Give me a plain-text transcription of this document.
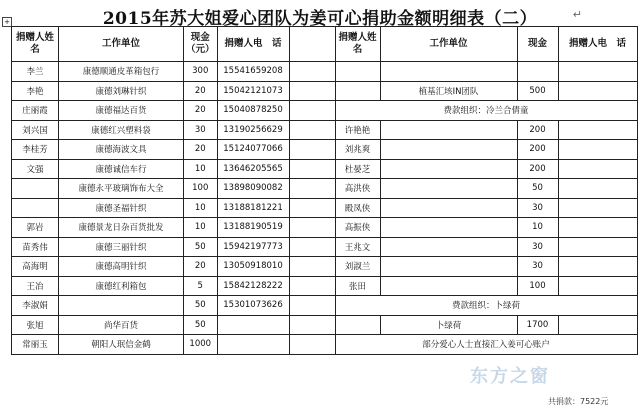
+	2015年苏大姐爱心团队为姜可心捐助金额明细表（二）	↵
捐赠人姓　名	工作单位	现金（元）	捐赠人电　话		捐赠人姓　名	工作单位	现金	捐赠人电　话
李兰	康德顺通皮革箱包行	300	15541659208					
李艳	康德刘琳针织	20	15042121073			植基汇垓IN团队	500	
庄丽霞	康德福达百货	20	15040878250		费款组织：冷兰合倩童			
刘兴国	康德红兴塑料袋	30	13190256629		许艳艳		200	
李桂芳	康德海波文具	20	15124077066		刘兆爽		200	
文强	康德诚信车行	10	13646205565		杜晏芝		200	
	康德永平玻璃饰布大全	100	13898090082		高洪侠		50	
	康德圣福针织	10	13188181221		殿凤侠		30	
郭岩	康德景龙日杂百货批发	10	13188190519		高振侠		10	
苗秀伟	康德三丽针织	50	15942197773		王兆文		30	
高海明	康德高明针织	20	13050918010		刘淑兰		30	
王冶	康德红利箱包	5	15842128222		张田		100	
李淑娟		50	15301073626		费款组织：卜绿荷			
张旭	尚华百货	50				卜绿荷	1700	
常丽玉	朝阳人珉信金鹤	1000			部分爱心人士直接汇入姜可心账户			
东方之窗
共捐款：7522元
